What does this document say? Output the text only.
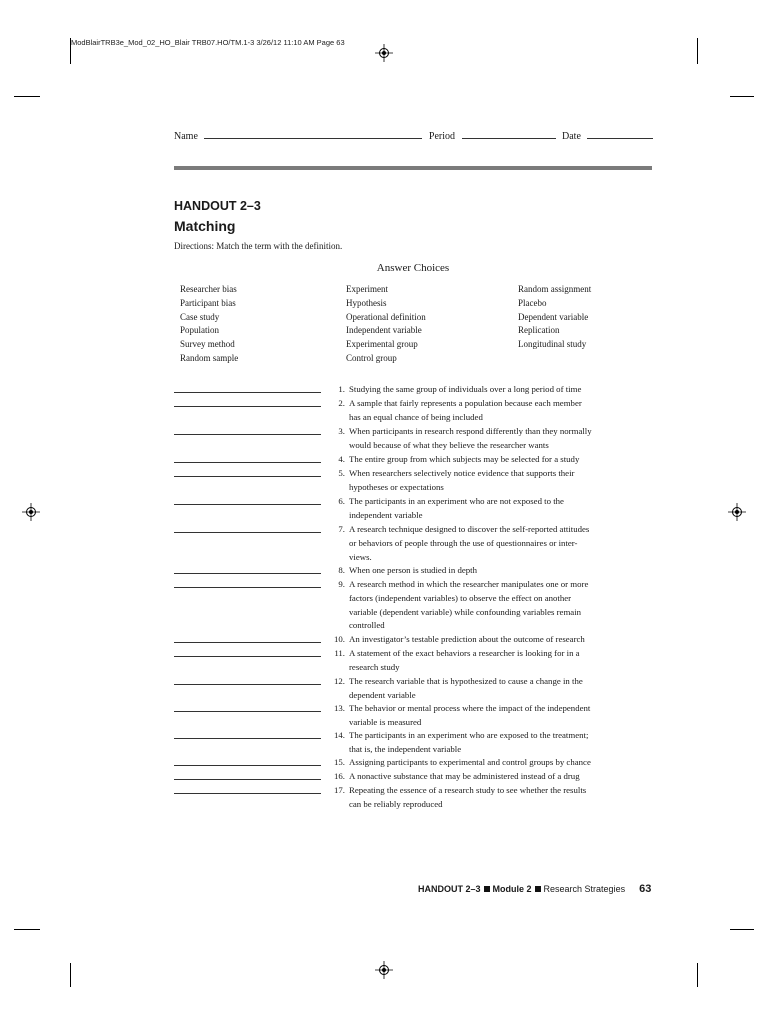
ModBlairTRB3e_Mod_02_HO_Blair TRB07.HO/TM.1-3 3/26/12 11:10 AM Page 63
Name	Period	Date
HANDOUT 2–3
Matching
Directions: Match the term with the definition.
Answer Choices
Researcher bias
Participant bias
Case study
Population
Survey method
Random sample
Experiment
Hypothesis
Operational definition
Independent variable
Experimental group
Control group
Random assignment
Placebo
Dependent variable
Replication
Longitudinal study
1. Studying the same group of individuals over a long period of time
2. A sample that fairly represents a population because each member
has an equal chance of being included
3. When participants in research respond differently than they normally
would because of what they believe the researcher wants
4. The entire group from which subjects may be selected for a study
5. When researchers selectively notice evidence that supports their
hypotheses or expectations
6. The participants in an experiment who are not exposed to the
independent variable
7. A research technique designed to discover the self-reported attitudes
or behaviors of people through the use of questionnaires or inter-
views.
8. When one person is studied in depth
9. A research method in which the researcher manipulates one or more
factors (independent variables) to observe the effect on another
variable (dependent variable) while confounding variables remain
controlled
10. An investigator’s testable prediction about the outcome of research
11. A statement of the exact behaviors a researcher is looking for in a
research study
12. The research variable that is hypothesized to cause a change in the
dependent variable
13. The behavior or mental process where the impact of the independent
variable is measured
14. The participants in an experiment who are exposed to the treatment;
that is, the independent variable
15. Assigning participants to experimental and control groups by chance
16. A nonactive substance that may be administered instead of a drug
17. Repeating the essence of a research study to see whether the results
can be reliably reproduced
HANDOUT 2–3 Module 2 Research Strategies 63
